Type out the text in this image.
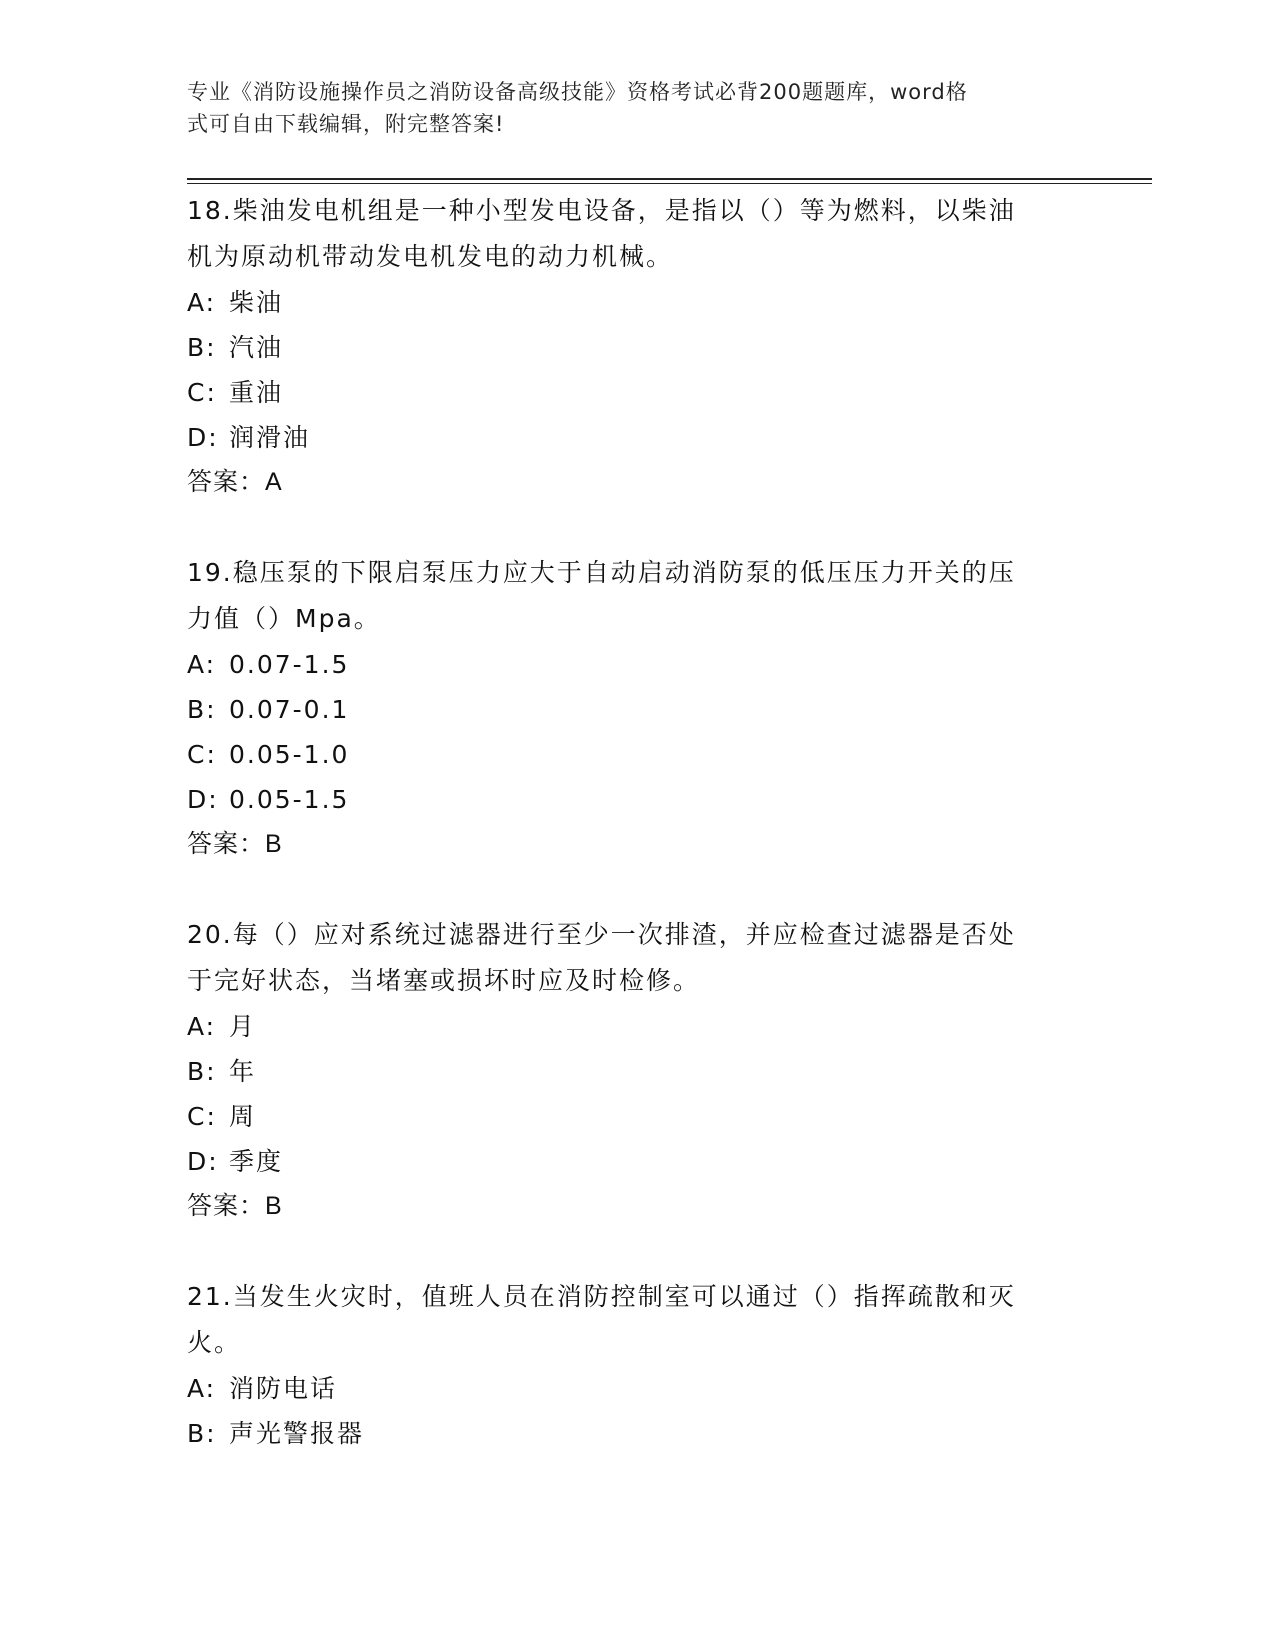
专业《消防设施操作员之消防设备高级技能》资格考试必背200题题库，word格
式可自由下载编辑，附完整答案!

18.柴油发电机组是一种小型发电设备，是指以（）等为燃料，以柴油

机为原动机带动发电机发电的动力机械。

A: 柴油

B: 汽油

C: 重油

D: 润滑油

答案：A

19.稳压泵的下限启泵压力应大于自动启动消防泵的低压压力开关的压

力值（）Mpa。

A: 0.07-1.5

B: 0.07-0.1

C: 0.05-1.0

D: 0.05-1.5

答案：B

20.每（）应对系统过滤器进行至少一次排渣，并应检查过滤器是否处

于完好状态，当堵塞或损坏时应及时检修。

A: 月

B: 年

C: 周

D: 季度

答案：B

21.当发生火灾时，值班人员在消防控制室可以通过（）指挥疏散和灭

火。

A: 消防电话

B: 声光警报器
